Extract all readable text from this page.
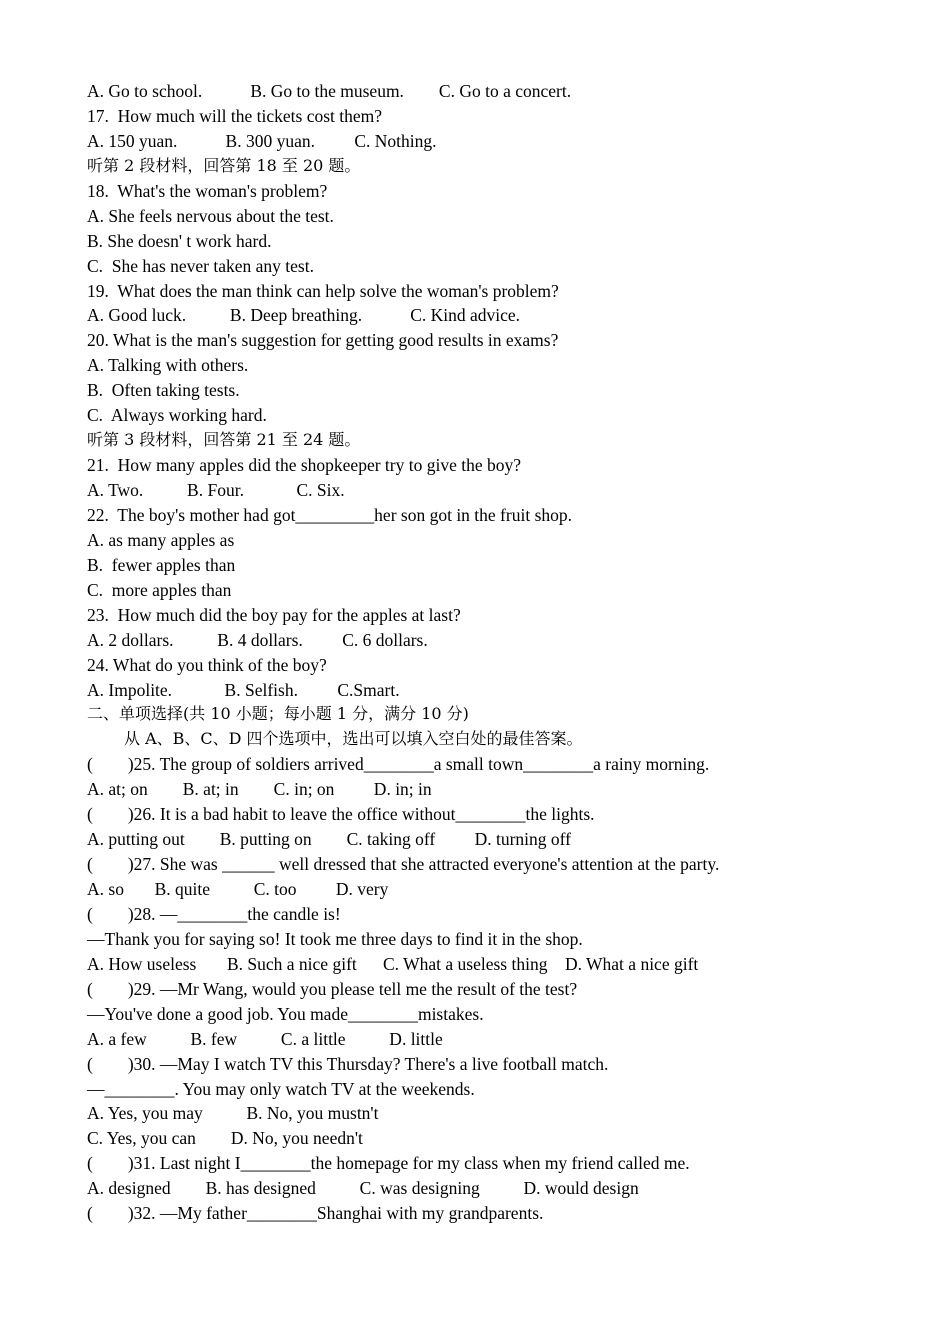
A. Go to school.           B. Go to the museum.        C. Go to a concert.
17.  How much will the tickets cost them?
A. 150 yuan.           B. 300 yuan.         C. Nothing.
听第 2 段材料，回答第 18 至 20 题。
18.  What's the woman's problem?
A. She feels nervous about the test.
B. She doesn' t work hard.
C.  She has never taken any test.
19.  What does the man think can help solve the woman's problem?
A. Good luck.          B. Deep breathing.           C. Kind advice.
20. What is the man's suggestion for getting good results in exams?
A. Talking with others.
B.  Often taking tests.
C.  Always working hard.
听第 3 段材料，回答第 21 至 24 题。
21.  How many apples did the shopkeeper try to give the boy?
A. Two.          B. Four.            C. Six.
22.  The boy's mother had got_________her son got in the fruit shop.
A. as many apples as
B.  fewer apples than
C.  more apples than
23.  How much did the boy pay for the apples at last?
A. 2 dollars.          B. 4 dollars.         C. 6 dollars.
24. What do you think of the boy?
A. Impolite.            B. Selfish.         C.Smart.
二、单项选择(共 10 小题；每小题 1 分，满分 10 分)
从 A、B、C、D 四个选项中，选出可以填入空白处的最佳答案。
(        )25. The group of soldiers arrived________a small town________a rainy morning.
A. at; on        B. at; in        C. in; on         D. in; in
(        )26. It is a bad habit to leave the office without________the lights.
A. putting out        B. putting on        C. taking off         D. turning off
(        )27. She was ______ well dressed that she attracted everyone's attention at the party.
A. so       B. quite          C. too         D. very
(        )28. —________the candle is!
—Thank you for saying so! It took me three days to find it in the shop.
A. How useless       B. Such a nice gift      C. What a useless thing    D. What a nice gift
(        )29. —Mr Wang, would you please tell me the result of the test?
—You've done a good job. You made________mistakes.
A. a few          B. few          C. a little          D. little
(        )30. —May I watch TV this Thursday? There's a live football match.
—________. You may only watch TV at the weekends.
A. Yes, you may          B. No, you mustn't
C. Yes, you can        D. No, you needn't
(        )31. Last night I________the homepage for my class when my friend called me.
A. designed        B. has designed          C. was designing          D. would design
(        )32. —My father________Shanghai with my grandparents.
